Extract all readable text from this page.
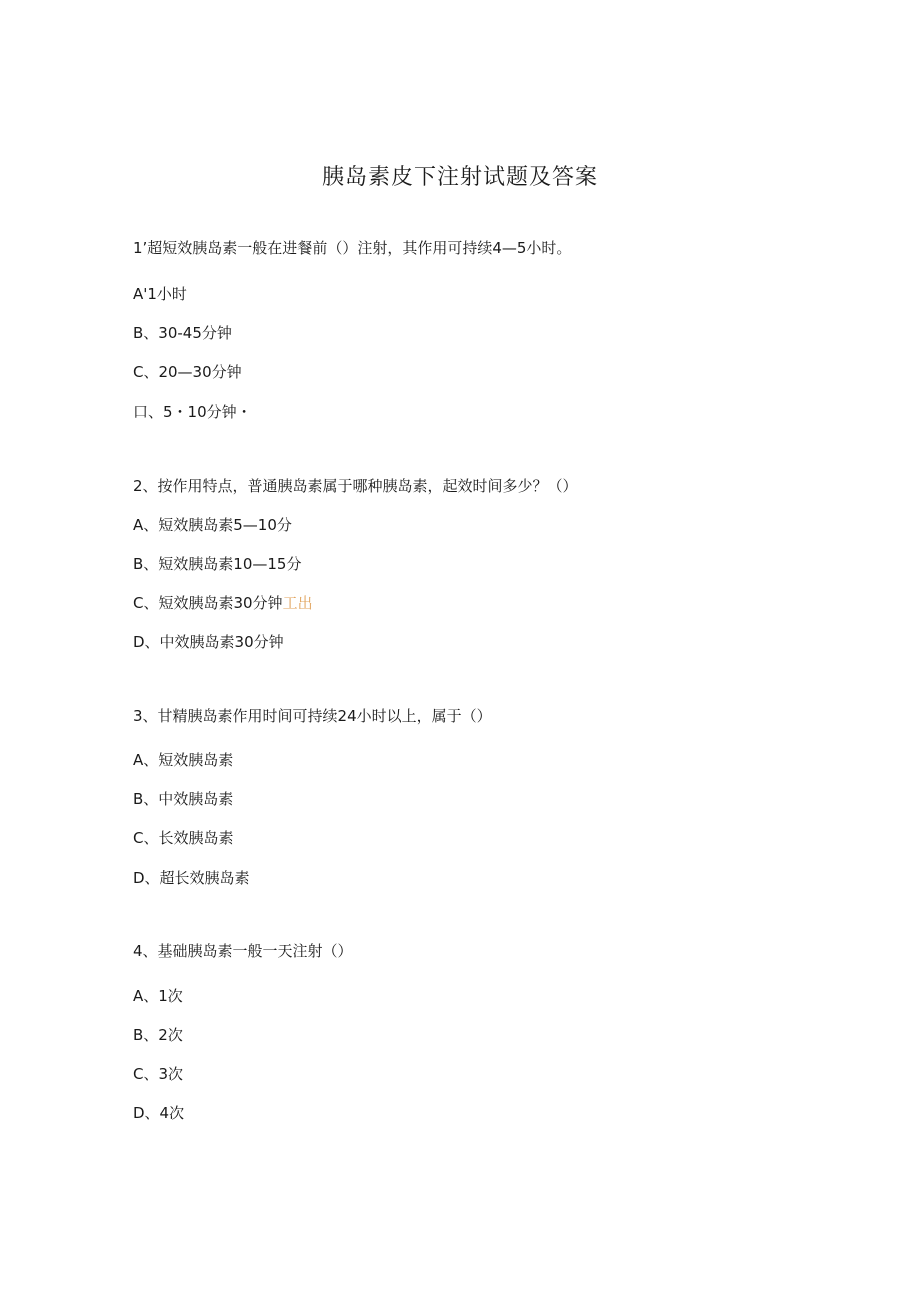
胰岛素皮下注射试题及答案

1’超短效胰岛素一般在进餐前（）注射，其作用可持续4—5小时。

A'1小时

B、30-45分钟

C、20—30分钟

口、5・10分钟・

2、按作用特点，普通胰岛素属于哪种胰岛素，起效时间多少？（）

A、短效胰岛素5—10分

B、短效胰岛素10—15分

C、短效胰岛素30分钟工出

D、中效胰岛素30分钟

3、甘精胰岛素作用时间可持续24小时以上，属于（）

A、短效胰岛素

B、中效胰岛素

C、长效胰岛素

D、超长效胰岛素

4、基础胰岛素一般一天注射（）

A、1次

B、2次

C、3次

D、4次
